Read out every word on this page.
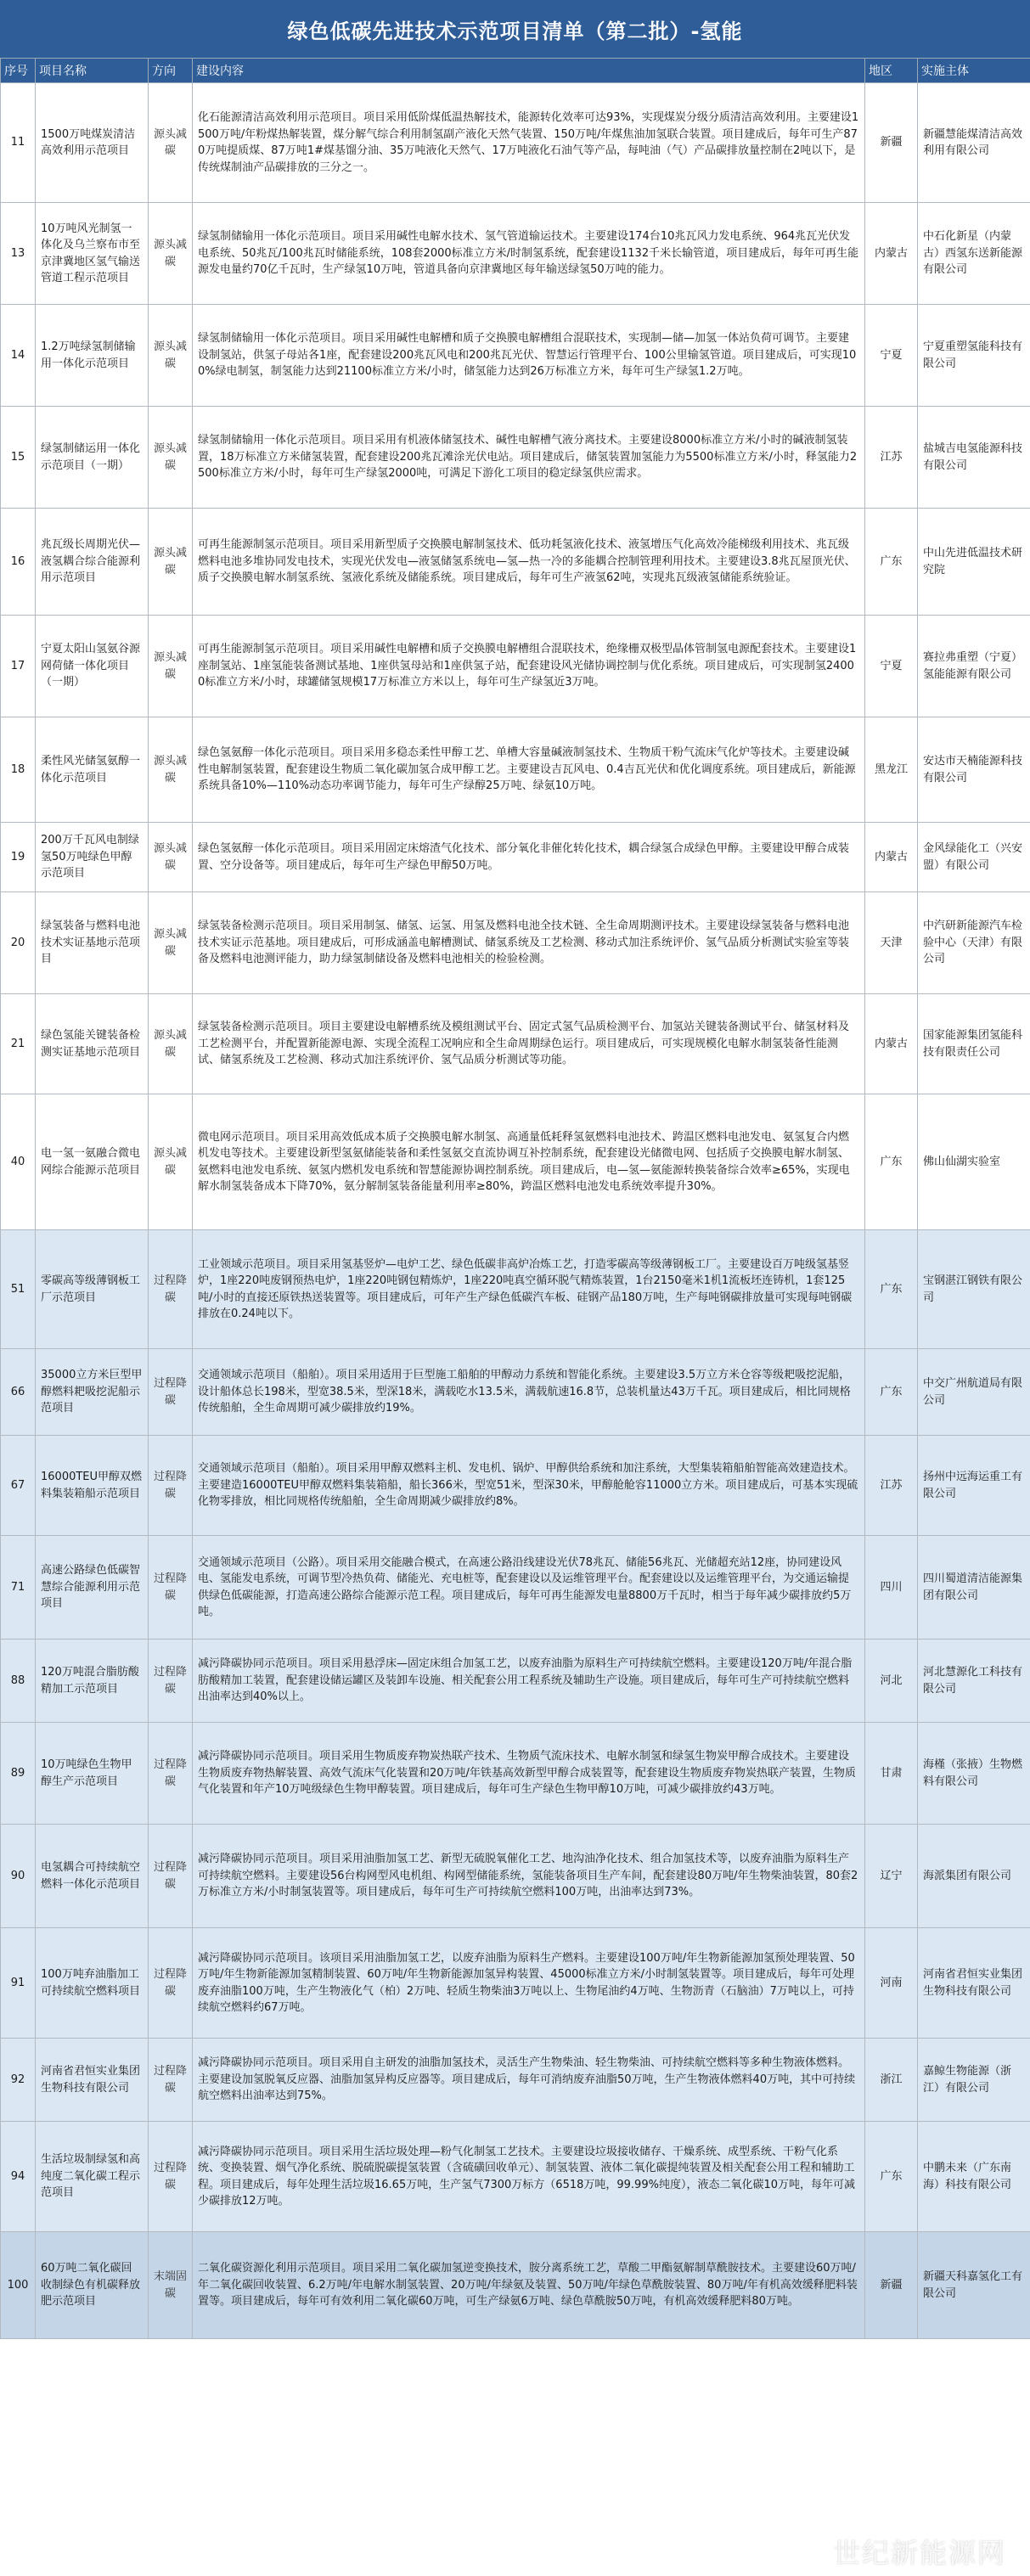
绿色低碳先进技术示范项目清单（第二批）-氢能
序号	项目名称	方向	建设内容	地区	实施主体
11	1500万吨煤炭清洁高效利用示范项目	源头减碳	化石能源清洁高效利用示范项目。项目采用低阶煤低温热解技术，能源转化效率可达93%，实现煤炭分级分质清洁高效利用。主要建设1500万吨/年粉煤热解装置，煤分解气综合利用制氢副产液化天然气装置、150万吨/年煤焦油加氢联合装置。项目建成后，每年可生产870万吨提质煤、87万吨1#煤基馏分油、35万吨液化天然气、17万吨液化石油气等产品，每吨油（气）产品碳排放量控制在2吨以下，是传统煤制油产品碳排放的三分之一。	新疆	新疆慧能煤清洁高效利用有限公司
13	10万吨风光制氢一体化及乌兰察布市至京津冀地区氢气输送管道工程示范项目	源头减碳	绿氢制储输用一体化示范项目。项目采用碱性电解水技术、氢气管道输运技术。主要建设174台10兆瓦风力发电系统、964兆瓦光伏发电系统、50兆瓦/100兆瓦时储能系统，108套2000标准立方米/时制氢系统，配套建设1132千米长输管道，项目建成后，每年可再生能源发电量约70亿千瓦时，生产绿氢10万吨，管道具备向京津冀地区每年输送绿氢50万吨的能力。	内蒙古	中石化新星（内蒙古）西氢东送新能源有限公司
14	1.2万吨绿氢制储输用一体化示范项目	源头减碳	绿氢制储输用一体化示范项目。项目采用碱性电解槽和质子交换膜电解槽组合混联技术，实现制—储—加氢一体站负荷可调节。主要建设制氢站，供氢子母站各1座，配套建设200兆瓦风电和200兆瓦光伏、智慧运行管理平台、100公里输氢管道。项目建成后，可实现100%绿电制氢，制氢能力达到21100标准立方米/小时，储氢能力达到26万标准立方米，每年可生产绿氢1.2万吨。	宁夏	宁夏重塑氢能科技有限公司
15	绿氢制储运用一体化示范项目（一期）	源头减碳	绿氢制储输用一体化示范项目。项目采用有机液体储氢技术、碱性电解槽气液分离技术。主要建设8000标准立方米/小时的碱液制氢装置，18万标准立方米储氢装置，配套建设200兆瓦滩涂光伏电站。项目建成后，储氢装置加氢能力为5500标准立方米/小时，释氢能力2500标准立方米/小时，每年可生产绿氢2000吨，可满足下游化工项目的稳定绿氢供应需求。	江苏	盐城吉电氢能源科技有限公司
16	兆瓦级长周期光伏—液氢耦合综合能源利用示范项目	源头减碳	可再生能源制氢示范项目。项目采用新型质子交换膜电解制氢技术、低功耗氢液化技术、液氢增压气化高效冷能梯级利用技术、兆瓦级燃料电池多堆协同发电技术，实现光伏发电—液氢储氢系统电—氢—热一冷的多能耦合控制管理利用技术。主要建设3.8兆瓦屋顶光伏、质子交换膜电解水制氢系统、氢液化系统及储能系统。项目建成后，每年可生产液氢62吨，实现兆瓦级液氢储能系统验证。	广东	中山先进低温技术研究院
17	宁夏太阳山氢氨谷源网荷储一体化项目（一期）	源头减碳	可再生能源制氢示范项目。项目采用碱性电解槽和质子交换膜电解槽组合混联技术，绝缘栅双极型晶体管制氢电源配套技术。主要建设1座制氢站、1座氢能装备测试基地、1座供氢母站和1座供氢子站，配套建设风光储协调控制与优化系统。项目建成后，可实现制氢24000标准立方米/小时，球罐储氢规模17万标准立方米以上，每年可生产绿氢近3万吨。	宁夏	赛拉弗重塑（宁夏）氢能能源有限公司
18	柔性风光储氢氨醇一体化示范项目	源头减碳	绿色氢氨醇一体化示范项目。项目采用多稳态柔性甲醇工艺、单槽大容量碱液制氢技术、生物质干粉气流床气化炉等技术。主要建设碱性电解制氢装置，配套建设生物质二氧化碳加氢合成甲醇工艺。主要建设吉瓦风电、0.4吉瓦光伏和优化调度系统。项目建成后，新能源系统具备10%—110%动态功率调节能力，每年可生产绿醇25万吨、绿氨10万吨。	黑龙江	安达市天楠能源科技有限公司
19	200万千瓦风电制绿氢50万吨绿色甲醇示范项目	源头减碳	绿色氢氨醇一体化示范项目。项目采用固定床熔渣气化技术、部分氧化非催化转化技术，耦合绿氢合成绿色甲醇。主要建设甲醇合成装置、空分设备等。项目建成后，每年可生产绿色甲醇50万吨。	内蒙古	金风绿能化工（兴安盟）有限公司
20	绿氢装备与燃料电池技术实证基地示范项目	源头减碳	绿氢装备检测示范项目。项目采用制氢、储氢、运氢、用氢及燃料电池全技术链、全生命周期测评技术。主要建设绿氢装备与燃料电池技术实证示范基地。项目建成后，可形成涵盖电解槽测试、储氢系统及工艺检测、移动式加注系统评价、氢气品质分析测试实验室等装备及燃料电池测评能力，助力绿氢制储设备及燃料电池相关的检验检测。	天津	中汽研新能源汽车检验中心（天津）有限公司
21	绿色氢能关键装备检测实证基地示范项目	源头减碳	绿氢装备检测示范项目。项目主要建设电解槽系统及模组测试平台、固定式氢气品质检测平台、加氢站关键装备测试平台、储氢材料及工艺检测平台，并配置新能源电源、实现全流程工况响应和全生命周期绿色运行。项目建成后，可实现规模化电解水制氢装备性能测试、储氢系统及工艺检测、移动式加注系统评价、氢气品质分析测试等功能。	内蒙古	国家能源集团氢能科技有限责任公司
40	电一氢一氨融合微电网综合能源示范项目	源头减碳	微电网示范项目。项目采用高效低成本质子交换膜电解水制氢、高通量低耗释氢氨燃料电池技术、跨温区燃料电池发电、氨氢复合内燃机发电等技术。主要建设新型氢氨储能装备和柔性氢氨交直流协调互补控制系统，配套建设光储微电网、包括质子交换膜电解水制氢、氨燃料电池发电系统、氨氢内燃机发电系统和智慧能源协调控制系统。项目建成后，电—氢—氨能源转换装备综合效率≥65%，实现电解水制氢装备成本下降70%，氨分解制氢装备能量利用率≥80%，跨温区燃料电池发电系统效率提升30%。	广东	佛山仙湖实验室
51	零碳高等级薄钢板工厂示范项目	过程降碳	工业领域示范项目。项目采用氢基竖炉—电炉工艺、绿色低碳非高炉冶炼工艺，打造零碳高等级薄钢板工厂。主要建设百万吨级氢基竖炉，1座220吨废钢预热电炉，1座220吨钢包精炼炉，1座220吨真空循环脱气精炼装置，1台2150毫米1机1流板坯连铸机，1套125吨/小时的直接还原铁热送装置等。项目建成后，可年产生产绿色低碳汽车板、硅钢产品180万吨，生产每吨钢碳排放量可实现每吨钢碳排放在0.24吨以下。	广东	宝钢湛江钢铁有限公司
66	35000立方米巨型甲醇燃料耙吸挖泥船示范项目	过程降碳	交通领域示范项目（船舶）。项目采用适用于巨型施工船舶的甲醇动力系统和智能化系统。主要建设3.5万立方米仓容等级耙吸挖泥船，设计船体总长198米，型宽38.5米，型深18米，满载吃水13.5米，满载航速16.8节，总装机量达43万千瓦。项目建成后，相比同规格传统船舶，全生命周期可减少碳排放约19%。	广东	中交广州航道局有限公司
67	16000TEU甲醇双燃料集装箱船示范项目	过程降碳	交通领域示范项目（船舶）。项目采用甲醇双燃料主机、发电机、锅炉、甲醇供给系统和加注系统，大型集装箱船舶智能高效建造技术。主要建造16000TEU甲醇双燃料集装箱船，船长366米，型宽51米，型深30米，甲醇舱舱容11000立方米。项目建成后，可基本实现硫化物零排放，相比同规格传统船舶，全生命周期减少碳排放约8%。	江苏	扬州中远海运重工有限公司
71	高速公路绿色低碳智慧综合能源利用示范项目	过程降碳	交通领域示范项目（公路）。项目采用交能融合模式，在高速公路沿线建设光伏78兆瓦、储能56兆瓦、光储超充站12座，协同建设风电、氢能发电系统，可调节型冷热负荷、储能光、充电桩等，配套建设以及运维管理平台。配套建设以及运维管理平台，为交通运输提供绿色低碳能源，打造高速公路综合能源示范工程。项目建成后，每年可再生能源发电量8800万千瓦时，相当于每年减少碳排放约5万吨。	四川	四川蜀道清洁能源集团有限公司
88	120万吨混合脂肪酸精加工示范项目	过程降碳	减污降碳协同示范项目。项目采用悬浮床—固定床组合加氢工艺，以废弃油脂为原料生产可持续航空燃料。主要建设120万吨/年混合脂肪酸精加工装置，配套建设储运罐区及装卸车设施、相关配套公用工程系统及辅助生产设施。项目建成后，每年可生产可持续航空燃料出油率达到40%以上。	河北	河北慧源化工科技有限公司
89	10万吨绿色生物甲醇生产示范项目	过程降碳	减污降碳协同示范项目。项目采用生物质废弃物炭热联产技术、生物质气流床技术、电解水制氢和绿氢生物炭甲醇合成技术。主要建设生物质废弃物热解装置、高效气流床气化装置和20万吨/年铁基高效新型甲醇合成装置等，配套建设生物质废弃物炭热联产装置，生物质气化装置和年产10万吨级绿色生物甲醇装置。项目建成后，每年可生产绿色生物甲醇10万吨，可减少碳排放约43万吨。	甘肃	海槿（张掖）生物燃料有限公司
90	电氢耦合可持续航空燃料一体化示范项目	过程降碳	减污降碳协同示范项目。项目采用油脂加氢工艺、新型无硫脱氧催化工艺、地沟油净化技术、组合加氢技术等，以废弃油脂为原料生产可持续航空燃料。主要建设56台构网型风电机组、构网型储能系统，氢能装备项目生产车间，配套建设80万吨/年生物柴油装置，80套2万标准立方米/小时制氢装置等。项目建成后，每年可生产可持续航空燃料100万吨，出油率达到73%。	辽宁	海派集团有限公司
91	100万吨弃油脂加工可持续航空燃料项目	过程降碳	减污降碳协同示范项目。该项目采用油脂加氢工艺，以废弃油脂为原料生产燃料。主要建设100万吨/年生物新能源加氢预处理装置、50万吨/年生物新能源加氢精制装置、60万吨/年生物新能源加氢异构装置、45000标准立方米/小时制氢装置等。项目建成后，每年可处理废弃油脂100万吨，生产生物液化气（柏）2万吨、轻质生物柴油3万吨以上、生物尾油约4万吨、生物沥青（石脑油）7万吨以上，可持续航空燃料约67万吨。	河南	河南省君恒实业集团生物科技有限公司
92	河南省君恒实业集团生物科技有限公司	过程降碳	减污降碳协同示范项目。项目采用自主研发的油脂加氢技术，灵活生产生物柴油、轻生物柴油、可持续航空燃料等多种生物液体燃料。主要建设加氢脱氧反应器、油脂加氢异构反应器等。项目建成后，每年可消纳废弃油脂50万吨，生产生物液体燃料40万吨，其中可持续航空燃料出油率达到75%。	浙江	嘉鲸生物能源（浙江）有限公司
94	生活垃圾制绿氢和高纯度二氧化碳工程示范项目	过程降碳	减污降碳协同示范项目。项目采用生活垃圾处理—粉气化制氢工艺技术。主要建设垃圾接收储存、干燥系统、成型系统、干粉气化系统、变换装置、烟气净化系统、脱硫脱碳提氢装置（含硫磺回收单元）、制氢装置、液体二氧化碳提纯装置及相关配套公用工程和辅助工程。项目建成后，每年处理生活垃圾16.65万吨，生产氢气7300万标方（6518万吨，99.99%纯度），液态二氧化碳10万吨，每年可减少碳排放12万吨。	广东	中鹏未来（广东南海）科技有限公司
100	60万吨二氧化碳回收制绿色有机碳释放肥示范项目	末端固碳	二氧化碳资源化利用示范项目。项目采用二氧化碳加氢逆变换技术，胺分离系统工艺，草酸二甲酯氨解制草酰胺技术。主要建设60万吨/年二氧化碳回收装置、6.2万吨/年电解水制氢装置、20万吨/年绿氨及装置、50万吨/年绿色草酰胺装置、80万吨/年有机高效缓释肥料装置等。项目建成后，每年可有效利用二氧化碳60万吨，可生产绿氨6万吨、绿色草酰胺50万吨，有机高效缓释肥料80万吨。	新疆	新疆天科嘉氢化工有限公司
世纪新能源网
